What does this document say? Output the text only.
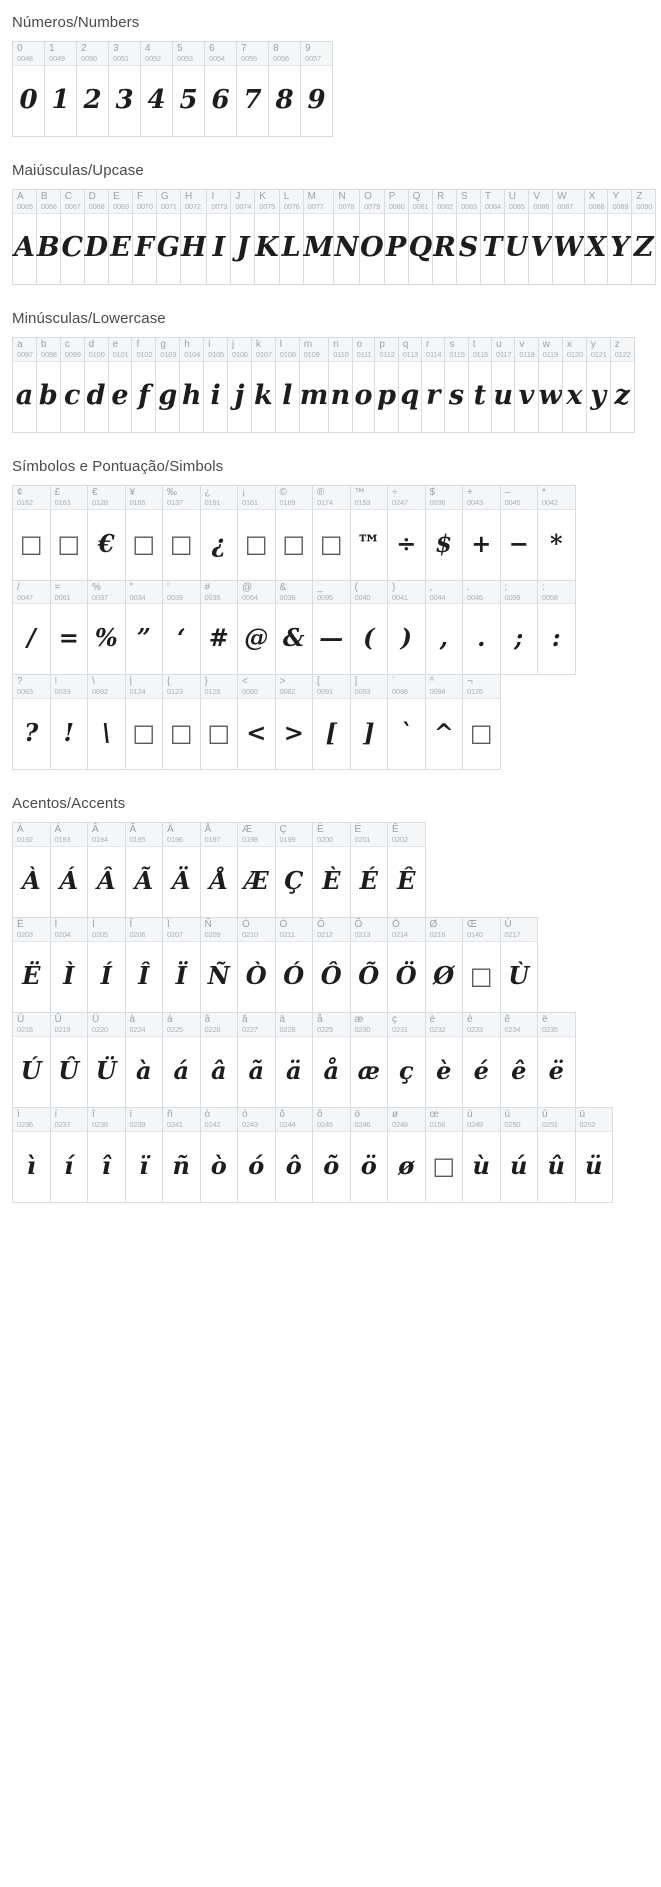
Números/Numbers
0
0048
0
1
0049
1
2
0050
2
3
0051
3
4
0052
4
5
0053
5
6
0054
6
7
0055
7
8
0056
8
9
0057
9
Maiúsculas/Upcase
A
0065
A
B
0066
B
C
0067
C
D
0068
D
E
0069
E
F
0070
F
G
0071
G
H
0072
H
I
0073
I
J
0074
J
K
0075
K
L
0076
L
M
0077
M
N
0078
N
O
0079
O
P
0080
P
Q
0081
Q
R
0082
R
S
0083
S
T
0084
T
U
0085
U
V
0086
V
W
0087
W
X
0088
X
Y
0089
Y
Z
0090
Z
Minúsculas/Lowercase
a
0097
a
b
0098
b
c
0099
c
d
0100
d
e
0101
e
f
0102
f
g
0103
g
h
0104
h
i
0105
i
j
0106
j
k
0107
k
l
0108
l
m
0109
m
n
0110
n
o
0111
o
p
0112
p
q
0113
q
r
0114
r
s
0115
s
t
0116
t
u
0117
u
v
0118
v
w
0119
w
x
0120
x
y
0121
y
z
0122
z
Símbolos e Pontuação/Simbols
¢
0162
□
£
0163
□
€
0128
€
¥
0165
□
‰
0137
□
¿
0191
¿
¡
0161
□
©
0169
□
®
0174
□
™
0153
™
÷
0247
÷
$
0036
$
+
0043
+
–
0045
−
*
0042
*
/
0047
/
=
0061
=
%
0037
%
"
0034
”
'
0039
‘
#
0035
#
@
0064
@
&
0038
&
_
0095
—
(
0040
(
)
0041
)
,
0044
,
.
0046
.
;
0059
;
:
0058
:
?
0063
?
!
0033
!
\
0092
\
|
0124
□
{
0123
□
}
0125
□
<
0060
<
>
0062
>
[
0091
[
]
0093
]
`
0096
`
^
0094
^
¬
0126
□
Acentos/Accents
À
0192
À
Á
0193
Á
Â
0194
Â
Ã
0195
Ã
Ä
0196
Ä
Å
0197
Å
Æ
0198
Æ
Ç
0199
Ç
È
0200
È
É
0201
É
Ê
0202
Ê
Ë
0203
Ë
Ì
0204
Ì
Í
0205
Í
Î
0206
Î
Ï
0207
Ï
Ñ
0209
Ñ
Ò
0210
Ò
Ó
0211
Ó
Ô
0212
Ô
Õ
0213
Õ
Ö
0214
Ö
Ø
0216
Ø
Œ
0140
□
Ù
0217
Ù
Ú
0218
Ú
Û
0219
Û
Ü
0220
Ü
à
0224
à
á
0225
á
â
0226
â
ã
0227
ã
ä
0228
ä
å
0229
å
æ
0230
æ
ç
0231
ç
è
0232
è
é
0233
é
ê
0234
ê
ë
0235
ë
ì
0236
ì
í
0237
í
î
0238
î
ï
0239
ï
ñ
0241
ñ
ò
0242
ò
ó
0243
ó
ô
0244
ô
õ
0245
õ
ö
0246
ö
ø
0248
ø
œ
0156
□
ù
0249
ù
ú
0250
ú
û
0251
û
ü
0252
ü
